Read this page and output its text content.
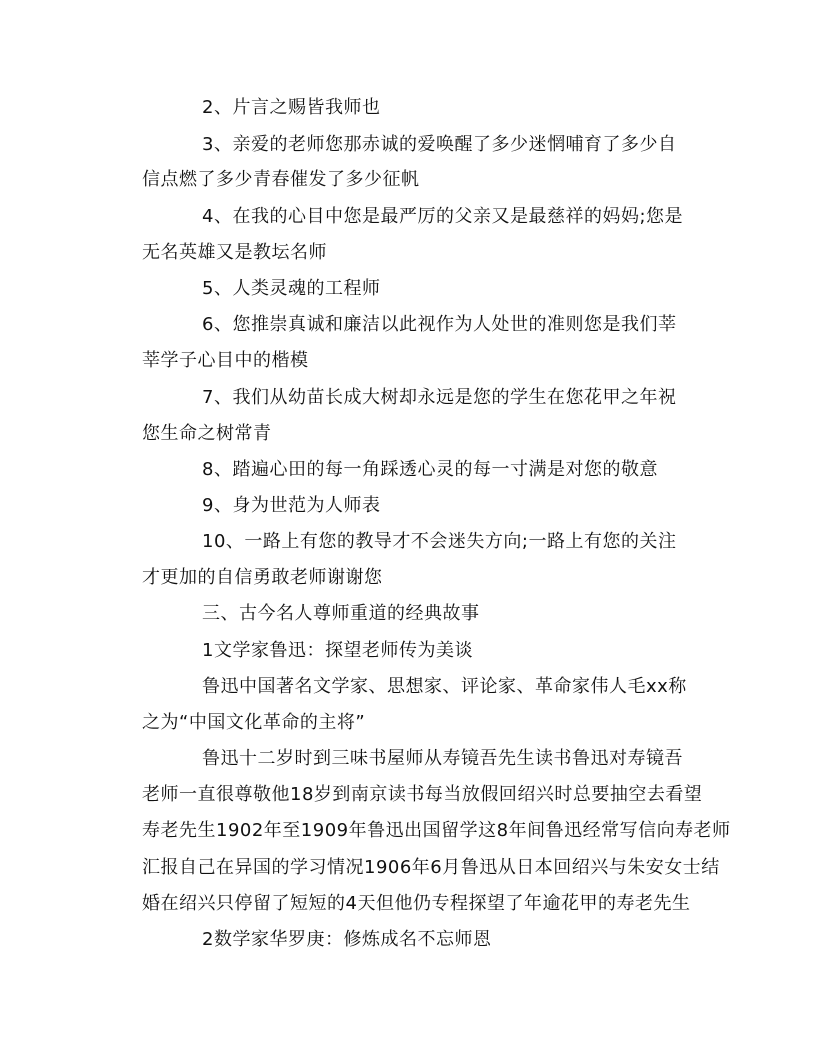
2、片言之赐皆我师也
3、亲爱的老师您那赤诚的爱唤醒了多少迷惘哺育了多少自
信点燃了多少青春催发了多少征帆
4、在我的心目中您是最严厉的父亲又是最慈祥的妈妈;您是
无名英雄又是教坛名师
5、人类灵魂的工程师
6、您推崇真诚和廉洁以此视作为人处世的准则您是我们莘
莘学子心目中的楷模
7、我们从幼苗长成大树却永远是您的学生在您花甲之年祝
您生命之树常青
8、踏遍心田的每一角踩透心灵的每一寸满是对您的敬意
9、身为世范为人师表
10、一路上有您的教导才不会迷失方向;一路上有您的关注
才更加的自信勇敢老师谢谢您
三、古今名人尊师重道的经典故事
1文学家鲁迅：探望老师传为美谈
鲁迅中国著名文学家、思想家、评论家、革命家伟人毛xx称
之为“中国文化革命的主将”
鲁迅十二岁时到三味书屋师从寿镜吾先生读书鲁迅对寿镜吾
老师一直很尊敬他18岁到南京读书每当放假回绍兴时总要抽空去看望
寿老先生1902年至1909年鲁迅出国留学这8年间鲁迅经常写信向寿老师
汇报自己在异国的学习情况1906年6月鲁迅从日本回绍兴与朱安女士结
婚在绍兴只停留了短短的4天但他仍专程探望了年逾花甲的寿老先生
2数学家华罗庚：修炼成名不忘师恩
